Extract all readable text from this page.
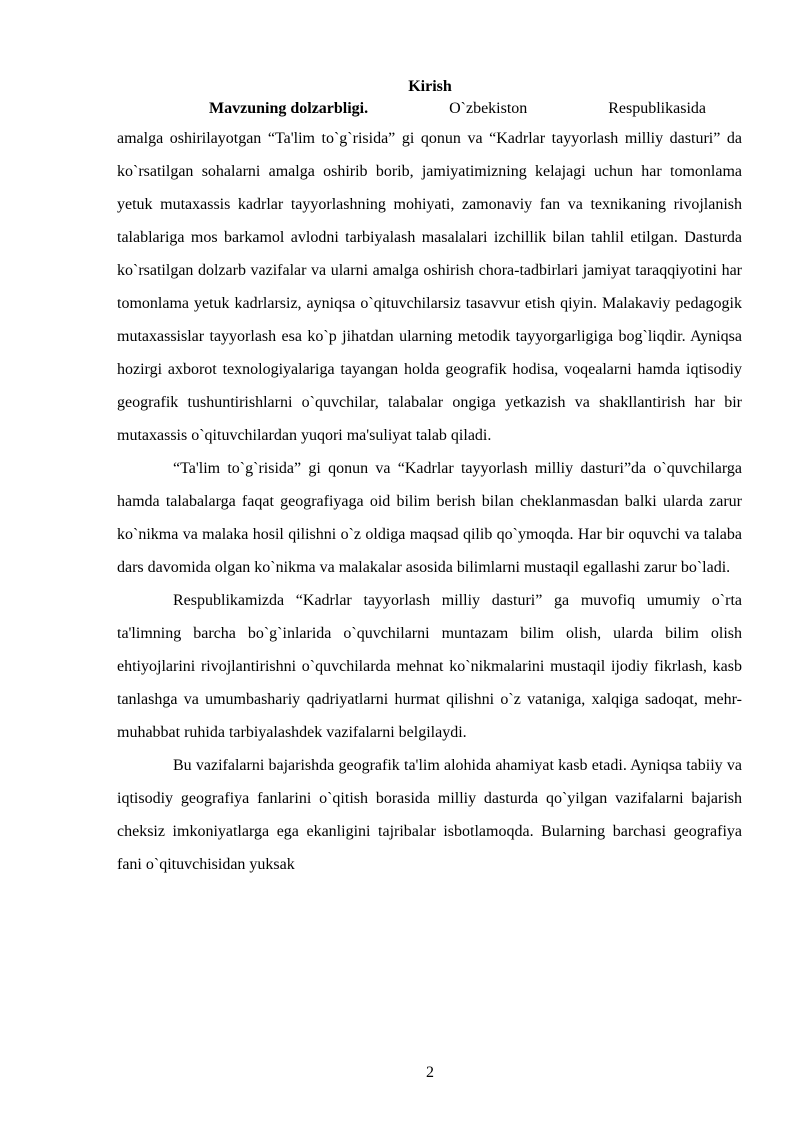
Kirish
Mavzuning dolzarbligi.	O`zbekiston	Respublikasida

amalga oshirilayotgan “Ta'lim to`g`risida” gi qonun va “Kadrlar tayyorlash milliy dasturi” da ko`rsatilgan sohalarni amalga oshirib borib, jamiyatimizning kelajagi uchun har tomonlama yetuk mutaxassis kadrlar tayyorlashning mohiyati, zamonaviy fan va texnikaning rivojlanish talablariga mos barkamol avlodni tarbiyalash masalalari izchillik bilan tahlil etilgan. Dasturda ko`rsatilgan dolzarb vazifalar va ularni amalga oshirish chora-tadbirlari jamiyat taraqqiyotini har tomonlama yetuk kadrlarsiz, ayniqsa o`qituvchilarsiz tasavvur etish qiyin. Malakaviy pedagogik mutaxassislar tayyorlash esa ko`p jihatdan ularning metodik tayyorgarligiga bog`liqdir. Ayniqsa hozirgi axborot texnologiyalariga tayangan holda geografik hodisa, voqealarni hamda iqtisodiy geografik tushuntirishlarni o`quvchilar, talabalar ongiga yetkazish va shakllantirish har bir mutaxassis o`qituvchilardan yuqori ma'suliyat talab qiladi.

“Ta'lim to`g`risida” gi qonun va “Kadrlar tayyorlash milliy dasturi”da o`quvchilarga hamda talabalarga faqat geografiyaga oid bilim berish bilan cheklanmasdan balki ularda zarur ko`nikma va malaka hosil qilishni o`z oldiga maqsad qilib qo`ymoqda. Har bir oquvchi va talaba dars davomida olgan ko`nikma va malakalar asosida bilimlarni mustaqil egallashi zarur bo`ladi.

Respublikamizda “Kadrlar tayyorlash milliy dasturi” ga muvofiq umumiy o`rta ta'limning barcha bo`g`inlarida o`quvchilarni muntazam bilim olish, ularda bilim olish ehtiyojlarini rivojlantirishni o`quvchilarda mehnat ko`nikmalarini mustaqil ijodiy fikrlash, kasb tanlashga va umumbashariy qadriyatlarni hurmat qilishni o`z vataniga, xalqiga sadoqat, mehr-muhabbat ruhida tarbiyalashdek vazifalarni belgilaydi.

Bu vazifalarni bajarishda geografik ta'lim alohida ahamiyat kasb etadi. Ayniqsa tabiiy va iqtisodiy geografiya fanlarini o`qitish borasida milliy dasturda qo`yilgan vazifalarni bajarish cheksiz imkoniyatlarga ega ekanligini tajribalar isbotlamoqda. Bularning barchasi geografiya fani o`qituvchisidan yuksak

2
